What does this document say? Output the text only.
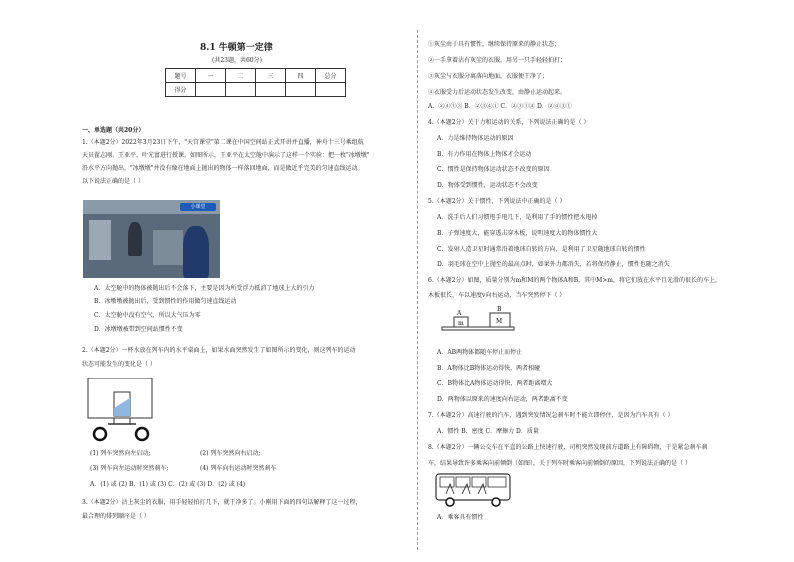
8.1 牛顿第一定律
(共23题，共60分)
题号	一	二	三	四	总分
得分					
一、单选题（共20分）
1.（本题2分）2022年3月23日下午，"天宫课堂"第二课在中国空间站正式开讲并直播，神舟十三号乘组航
天员翟志刚、王亚平、叶光富进行授课。如图所示，王亚平在太空舱中演示了这样一个实验：把一枚"冰墩墩"
沿水平方向抛出，"冰墩墩"并没有像在地面上抛出的物体一样落回地面，而是做近乎完美的匀速直线运动。
以下说法正确的是（ ）
小课堂
A．太空舱中的物体被抛出后不会落下，主要是因为所受浮力抵消了地球上大的引力
B．冰墩墩被抛出后，受到惯性的作用做匀速直线运动
C．太空舱中没有空气，所以大气压为零
D．冰墩墩被带到空间站惯性不变
2.（本题2分）一杯水放在列车内的水平桌面上，如果水面突然发生了如图所示的变化，则这列车的运动
状态可能发生的变化是（ ）
(1) 列车突然向左启动;	(2) 列车突然向右启动;
(3) 列车向左运动时突然刹车;	(4) 列车向右运动时突然刹车
A．(1) 或 (2) B．(1) 或 (3) C．(2) 或 (3) D．(2) 或 (4)
3.（本题2分）沾上灰尘的衣服，用手轻轻拍打几下，就干净多了。小刚用下面的四句话解释了这一过程，
最合理的排列顺序是（ ）
①灰尘由于具有惯性，继续保持原来的静止状态；
②一手拿着沾有灰尘的衣服，用另一只手轻轻拍打；
③灰尘与衣服分离落向地面，衣服便干净了；
④衣服受力后运动状态发生改变，由静止运动起来。
A．②④①③ B．②③④① C．②③①④ D．②④③①
4.（本题2分）关于力和运动的关系，下列说法正确的是（ ）
A．力是维持物体运动的原因
B．有力作用在物体上物体才会运动
C．惯性是保持物体运动状态不改变的原因
D．物体受到惯性，运动状态不会改变
5.（本题2分）关于惯性，下列说法中正确的是（ ）
A．洗手后人们习惯甩手甩几下，是利用了手的惯性把水甩掉
B．子弹速度大，能穿透击穿木板，说明速度大的物体惯性大
C．发射人造卫星时通常沿着地球自转的方向，是利用了卫星随地球自转的惯性
D．羽毛球在空中上抛至的最高点时，如果外力都消失，若将保持静止，惯性也随之消失
6.（本题2分）如图，质量分别为m和M的两个物体A和B，其中M>m，将它们放在水平且光滑的很长的车上，
木板很长，车以速度v向右运动，当车突然停下（ ）
A
B
m	M
A．AB两物体都随车停止而停止
B．A物体比B物体运动得快，两者相碰
C．B物体比A物体运动得快，两者距离增大
D．两物体以原来的速度向右运动，两者距离不变
7.（本题2分）高速行驶的汽车，遇到突发情况急刹车时不能立即停住，是因为汽车具有（ ）
A．惯性 B．密度 C．摩擦力 D．质量
8.（本题2分）一辆公交车在平直的公路上快速行驶，司机突然发现前方道路上有障碍物，于是紧急刹车刹
车，结果导致许多乘客向前倾倒（如图），关于列车时乘客向前倾倒的原因，下列说法正确的是（ ）
A．乘客具有惯性
